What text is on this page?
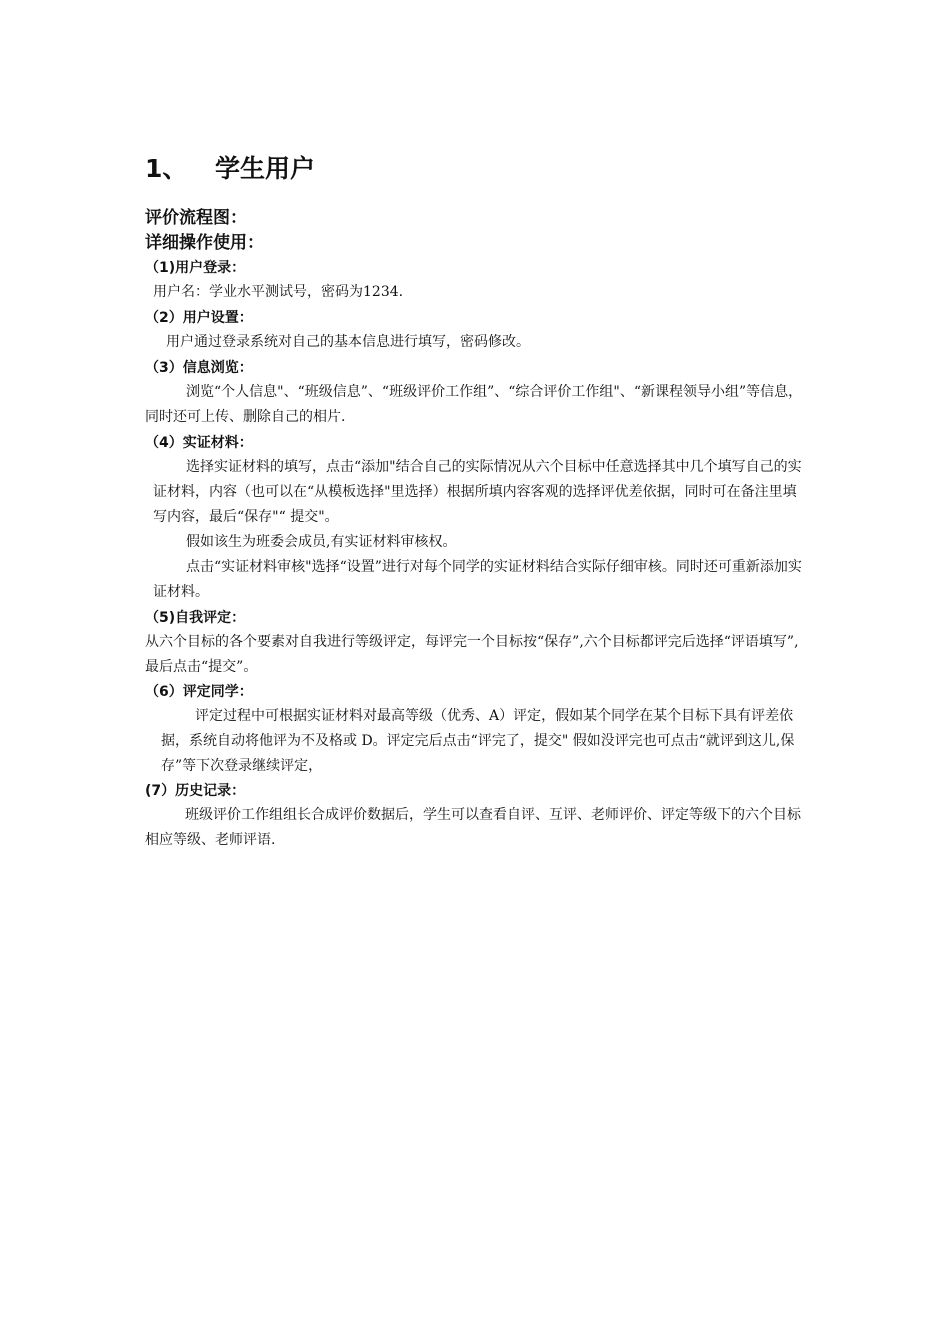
1、 学生用户
评价流程图：
详细操作使用：
（1)用户登录：
用户名：学业水平测试号，密码为1234.
（2）用户设置：
用户通过登录系统对自己的基本信息进行填写，密码修改。
（3）信息浏览：
浏览“个人信息"、“班级信息”、“班级评价工作组”、“综合评价工作组"、“新课程领导小组”等信息，同时还可上传、删除自己的相片.
（4）实证材料：
选择实证材料的填写，点击“添加"结合自己的实际情况从六个目标中任意选择其中几个填写自己的实证材料，内容（也可以在“从模板选择"里选择）根据所填内容客观的选择评优差依据，同时可在备注里填写内容，最后“保存"“ 提交"。
假如该生为班委会成员,有实证材料审核权。
点击“实证材料审核"选择“设置”进行对每个同学的实证材料结合实际仔细审核。同时还可重新添加实证材料。
（5)自我评定：
从六个目标的各个要素对自我进行等级评定，每评完一个目标按“保存”,六个目标都评完后选择“评语填写”,最后点击“提交”。
（6）评定同学：
评定过程中可根据实证材料对最高等级（优秀、A）评定，假如某个同学在某个目标下具有评差依据，系统自动将他评为不及格或 D。评定完后点击“评完了，提交" 假如没评完也可点击“就评到这儿,保存”等下次登录继续评定，
(7）历史记录：
班级评价工作组组长合成评价数据后，学生可以查看自评、互评、老师评价、评定等级下的六个目标相应等级、老师评语.
